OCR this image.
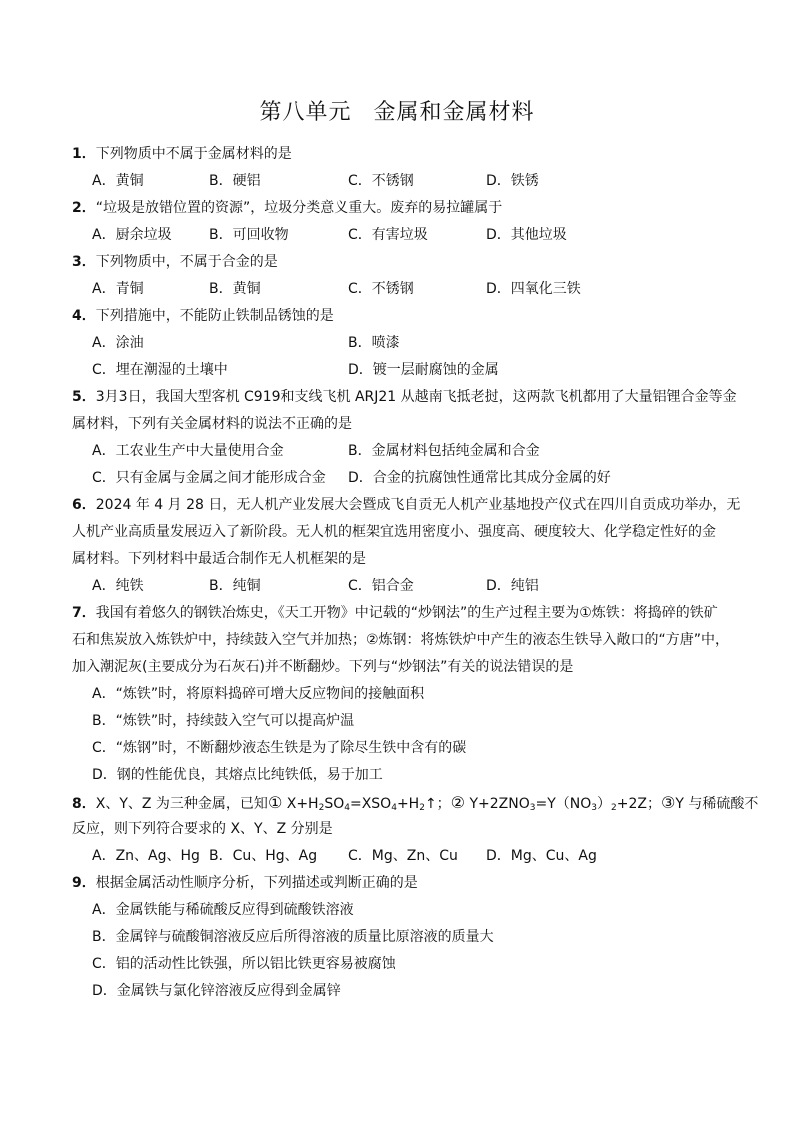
第八单元 金属和金属材料
1．下列物质中不属于金属材料的是
A．黄铜	B．硬铝	C．不锈钢	D．铁锈
2．“垃圾是放错位置的资源”，垃圾分类意义重大。废弃的易拉罐属于
A．厨余垃圾	B．可回收物	C．有害垃圾	D．其他垃圾
3．下列物质中，不属于合金的是
A．青铜	B．黄铜	C．不锈钢	D．四氧化三铁
4．下列措施中，不能防止铁制品锈蚀的是
A．涂油	B．喷漆
C．埋在潮湿的土壤中	D．镀一层耐腐蚀的金属
5．3月3日，我国大型客机 C919和支线飞机 ARJ21 从越南飞抵老挝，这两款飞机都用了大量铝锂合金等金
属材料，下列有关金属材料的说法不正确的是
A．工农业生产中大量使用合金	B．金属材料包括纯金属和合金
C．只有金属与金属之间才能形成合金 D．合金的抗腐蚀性通常比其成分金属的好
6．2024 年 4 月 28 日，无人机产业发展大会暨成飞自贡无人机产业基地投产仪式在四川自贡成功举办，无
人机产业高质量发展迈入了新阶段。无人机的框架宜选用密度小、强度高、硬度较大、化学稳定性好的金
属材料。下列材料中最适合制作无人机框架的是
A．纯铁	B．纯铜	C．铝合金	D．纯铝
7．我国有着悠久的钢铁冶炼史，《天工开物》中记载的“炒钢法”的生产过程主要为①炼铁：将捣碎的铁矿
石和焦炭放入炼铁炉中，持续鼓入空气并加热；②炼钢：将炼铁炉中产生的液态生铁导入敞口的“方唐”中，
加入潮泥灰(主要成分为石灰石)并不断翻炒。下列与“炒钢法”有关的说法错误的是
A．“炼铁”时，将原料捣碎可增大反应物间的接触面积
B．“炼铁”时，持续鼓入空气可以提高炉温
C．“炼钢”时，不断翻炒液态生铁是为了除尽生铁中含有的碳
D．钢的性能优良，其熔点比纯铁低，易于加工
8．X、Y、Z 为三种金属，已知① $X+H_2SO_4=XSO_4+H_2↑$；② $Y+2ZNO_3=Y(NO_3)_2+2Z$；③Y 与稀硫酸不
反应，则下列符合要求的 X、Y、Z 分别是
A．Zn、Ag、Hg B．Cu、Hg、Ag C．Mg、Zn、Cu D．Mg、Cu、Ag
9．根据金属活动性顺序分析，下列描述或判断正确的是
A．金属铁能与稀硫酸反应得到硫酸铁溶液
B．金属锌与硫酸铜溶液反应后所得溶液的质量比原溶液的质量大
C．铝的活动性比铁强，所以铝比铁更容易被腐蚀
D．金属铁与氯化锌溶液反应得到金属锌
